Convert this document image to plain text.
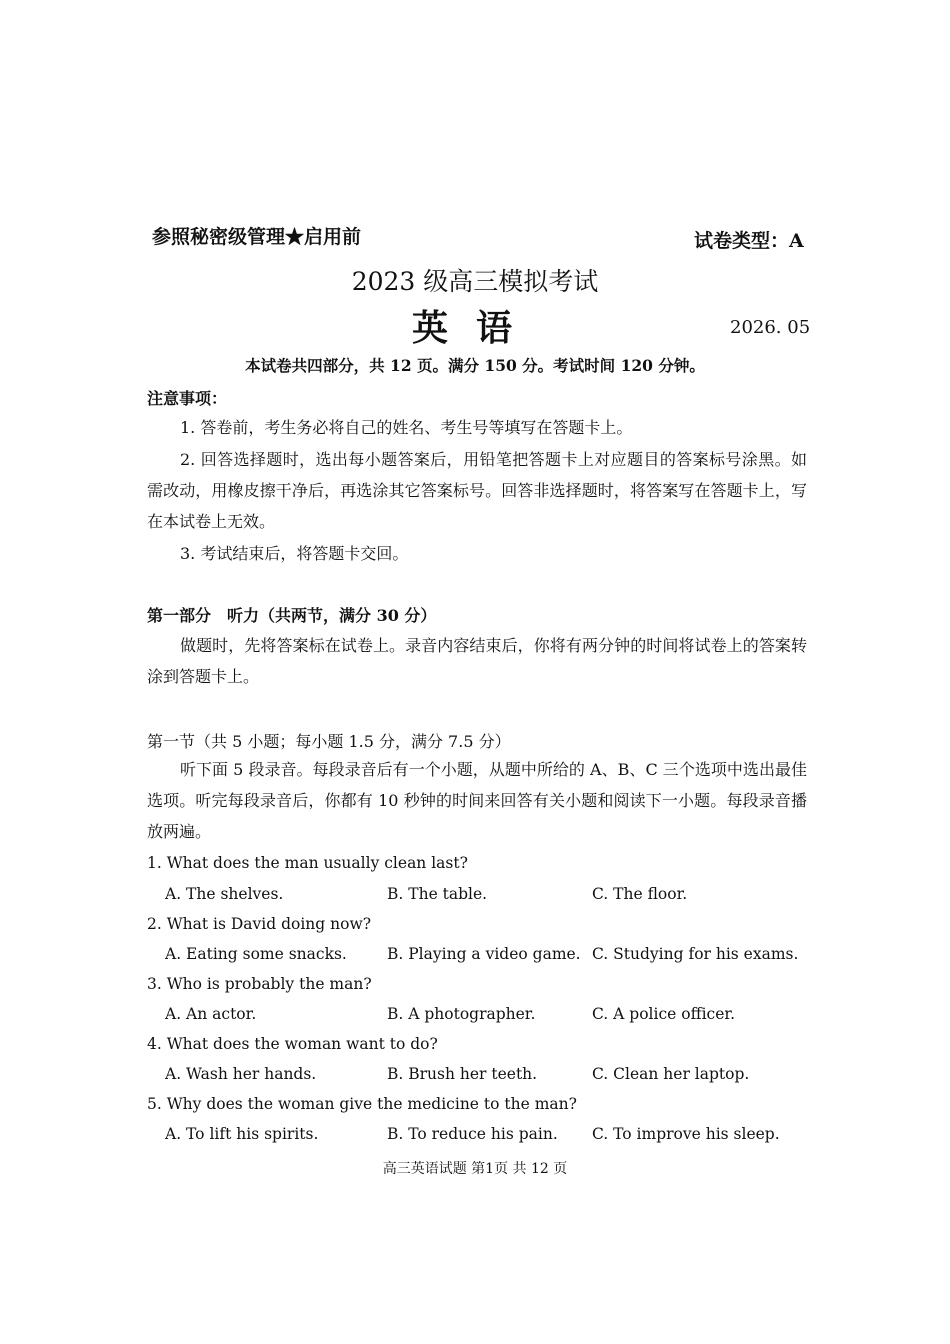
参照秘密级管理★启用前	试卷类型：A
2023 级高三模拟考试
英语	2026. 05
本试卷共四部分，共 12 页。满分 150 分。考试时间 120 分钟。
注意事项：
1. 答卷前，考生务必将自己的姓名、考生号等填写在答题卡上。
2. 回答选择题时，选出每小题答案后，用铅笔把答题卡上对应题目的答案标号涂黑。如需改动，用橡皮擦干净后，再选涂其它答案标号。回答非选择题时，将答案写在答题卡上，写在本试卷上无效。
3. 考试结束后，将答题卡交回。
第一部分　听力（共两节，满分 30 分）
做题时，先将答案标在试卷上。录音内容结束后，你将有两分钟的时间将试卷上的答案转涂到答题卡上。
第一节（共 5 小题；每小题 1.5 分，满分 7.5 分）
听下面 5 段录音。每段录音后有一个小题，从题中所给的 A、B、C 三个选项中选出最佳选项。听完每段录音后，你都有 10 秒钟的时间来回答有关小题和阅读下一小题。每段录音播放两遍。
1. What does the man usually clean last?
A. The shelves.	B. The table.	C. The floor.
2. What is David doing now?
A. Eating some snacks.	B. Playing a video game. C. Studying for his exams.
3. Who is probably the man?
A. An actor.	B. A photographer.	C. A police officer.
4. What does the woman want to do?
A. Wash her hands.	B. Brush her teeth.	C. Clean her laptop.
5. Why does the woman give the medicine to the man?
A. To lift his spirits.	B. To reduce his pain. C. To improve his sleep.
高三英语试题 第1页 共 12 页
